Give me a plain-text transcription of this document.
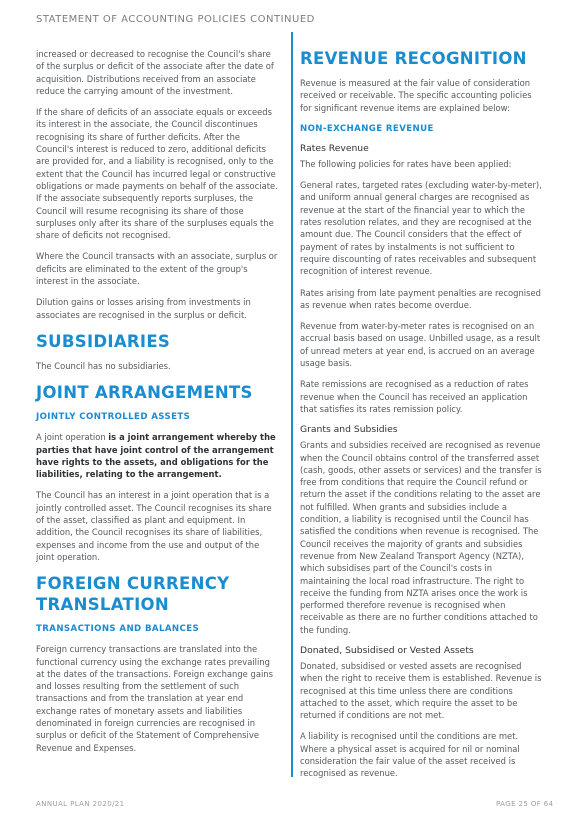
STATEMENT OF ACCOUNTING POLICIES CONTINUED

increased or decreased to recognise the Council's share of the surplus or deficit of the associate after the date of acquisition. Distributions received from an associate reduce the carrying amount of the investment.

If the share of deficits of an associate equals or exceeds its interest in the associate, the Council discontinues recognising its share of further deficits. After the Council's interest is reduced to zero, additional deficits are provided for, and a liability is recognised, only to the extent that the Council has incurred legal or constructive obligations or made payments on behalf of the associate. If the associate subsequently reports surpluses, the Council will resume recognising its share of those surpluses only after its share of the surpluses equals the share of deficits not recognised.

Where the Council transacts with an associate, surplus or deficits are eliminated to the extent of the group's interest in the associate.

Dilution gains or losses arising from investments in associates are recognised in the surplus or deficit.

SUBSIDIARIES

The Council has no subsidiaries.

JOINT ARRANGEMENTS
JOINTLY CONTROLLED ASSETS

A joint operation is a joint arrangement whereby the parties that have joint control of the arrangement have rights to the assets, and obligations for the liabilities, relating to the arrangement.

The Council has an interest in a joint operation that is a jointly controlled asset. The Council recognises its share of the asset, classified as plant and equipment. In addition, the Council recognises its share of liabilities, expenses and income from the use and output of the joint operation.

FOREIGN CURRENCY TRANSLATION
TRANSACTIONS AND BALANCES

Foreign currency transactions are translated into the functional currency using the exchange rates prevailing at the dates of the transactions. Foreign exchange gains and losses resulting from the settlement of such transactions and from the translation at year end exchange rates of monetary assets and liabilities denominated in foreign currencies are recognised in surplus or deficit of the Statement of Comprehensive Revenue and Expenses.

REVENUE RECOGNITION

Revenue is measured at the fair value of consideration received or receivable. The specific accounting policies for significant revenue items are explained below:

NON-EXCHANGE REVENUE
Rates Revenue

The following policies for rates have been applied:

General rates, targeted rates (excluding water-by-meter), and uniform annual general charges are recognised as revenue at the start of the financial year to which the rates resolution relates, and they are recognised at the amount due. The Council considers that the effect of payment of rates by instalments is not sufficient to require discounting of rates receivables and subsequent recognition of interest revenue.

Rates arising from late payment penalties are recognised as revenue when rates become overdue.

Revenue from water-by-meter rates is recognised on an accrual basis based on usage. Unbilled usage, as a result of unread meters at year end, is accrued on an average usage basis.

Rate remissions are recognised as a reduction of rates revenue when the Council has received an application that satisfies its rates remission policy.

Grants and Subsidies

Grants and subsidies received are recognised as revenue when the Council obtains control of the transferred asset (cash, goods, other assets or services) and the transfer is free from conditions that require the Council refund or return the asset if the conditions relating to the asset are not fulfilled. When grants and subsidies include a condition, a liability is recognised until the Council has satisfied the conditions when revenue is recognised. The Council receives the majority of grants and subsidies revenue from New Zealand Transport Agency (NZTA), which subsidises part of the Council's costs in maintaining the local road infrastructure. The right to receive the funding from NZTA arises once the work is performed therefore revenue is recognised when receivable as there are no further conditions attached to the funding.

Donated, Subsidised or Vested Assets

Donated, subsidised or vested assets are recognised when the right to receive them is established. Revenue is recognised at this time unless there are conditions attached to the asset, which require the asset to be returned if conditions are not met.

A liability is recognised until the conditions are met. Where a physical asset is acquired for nil or nominal consideration the fair value of the asset received is recognised as revenue.

ANNUAL PLAN 2020/21	PAGE 25 OF 64
